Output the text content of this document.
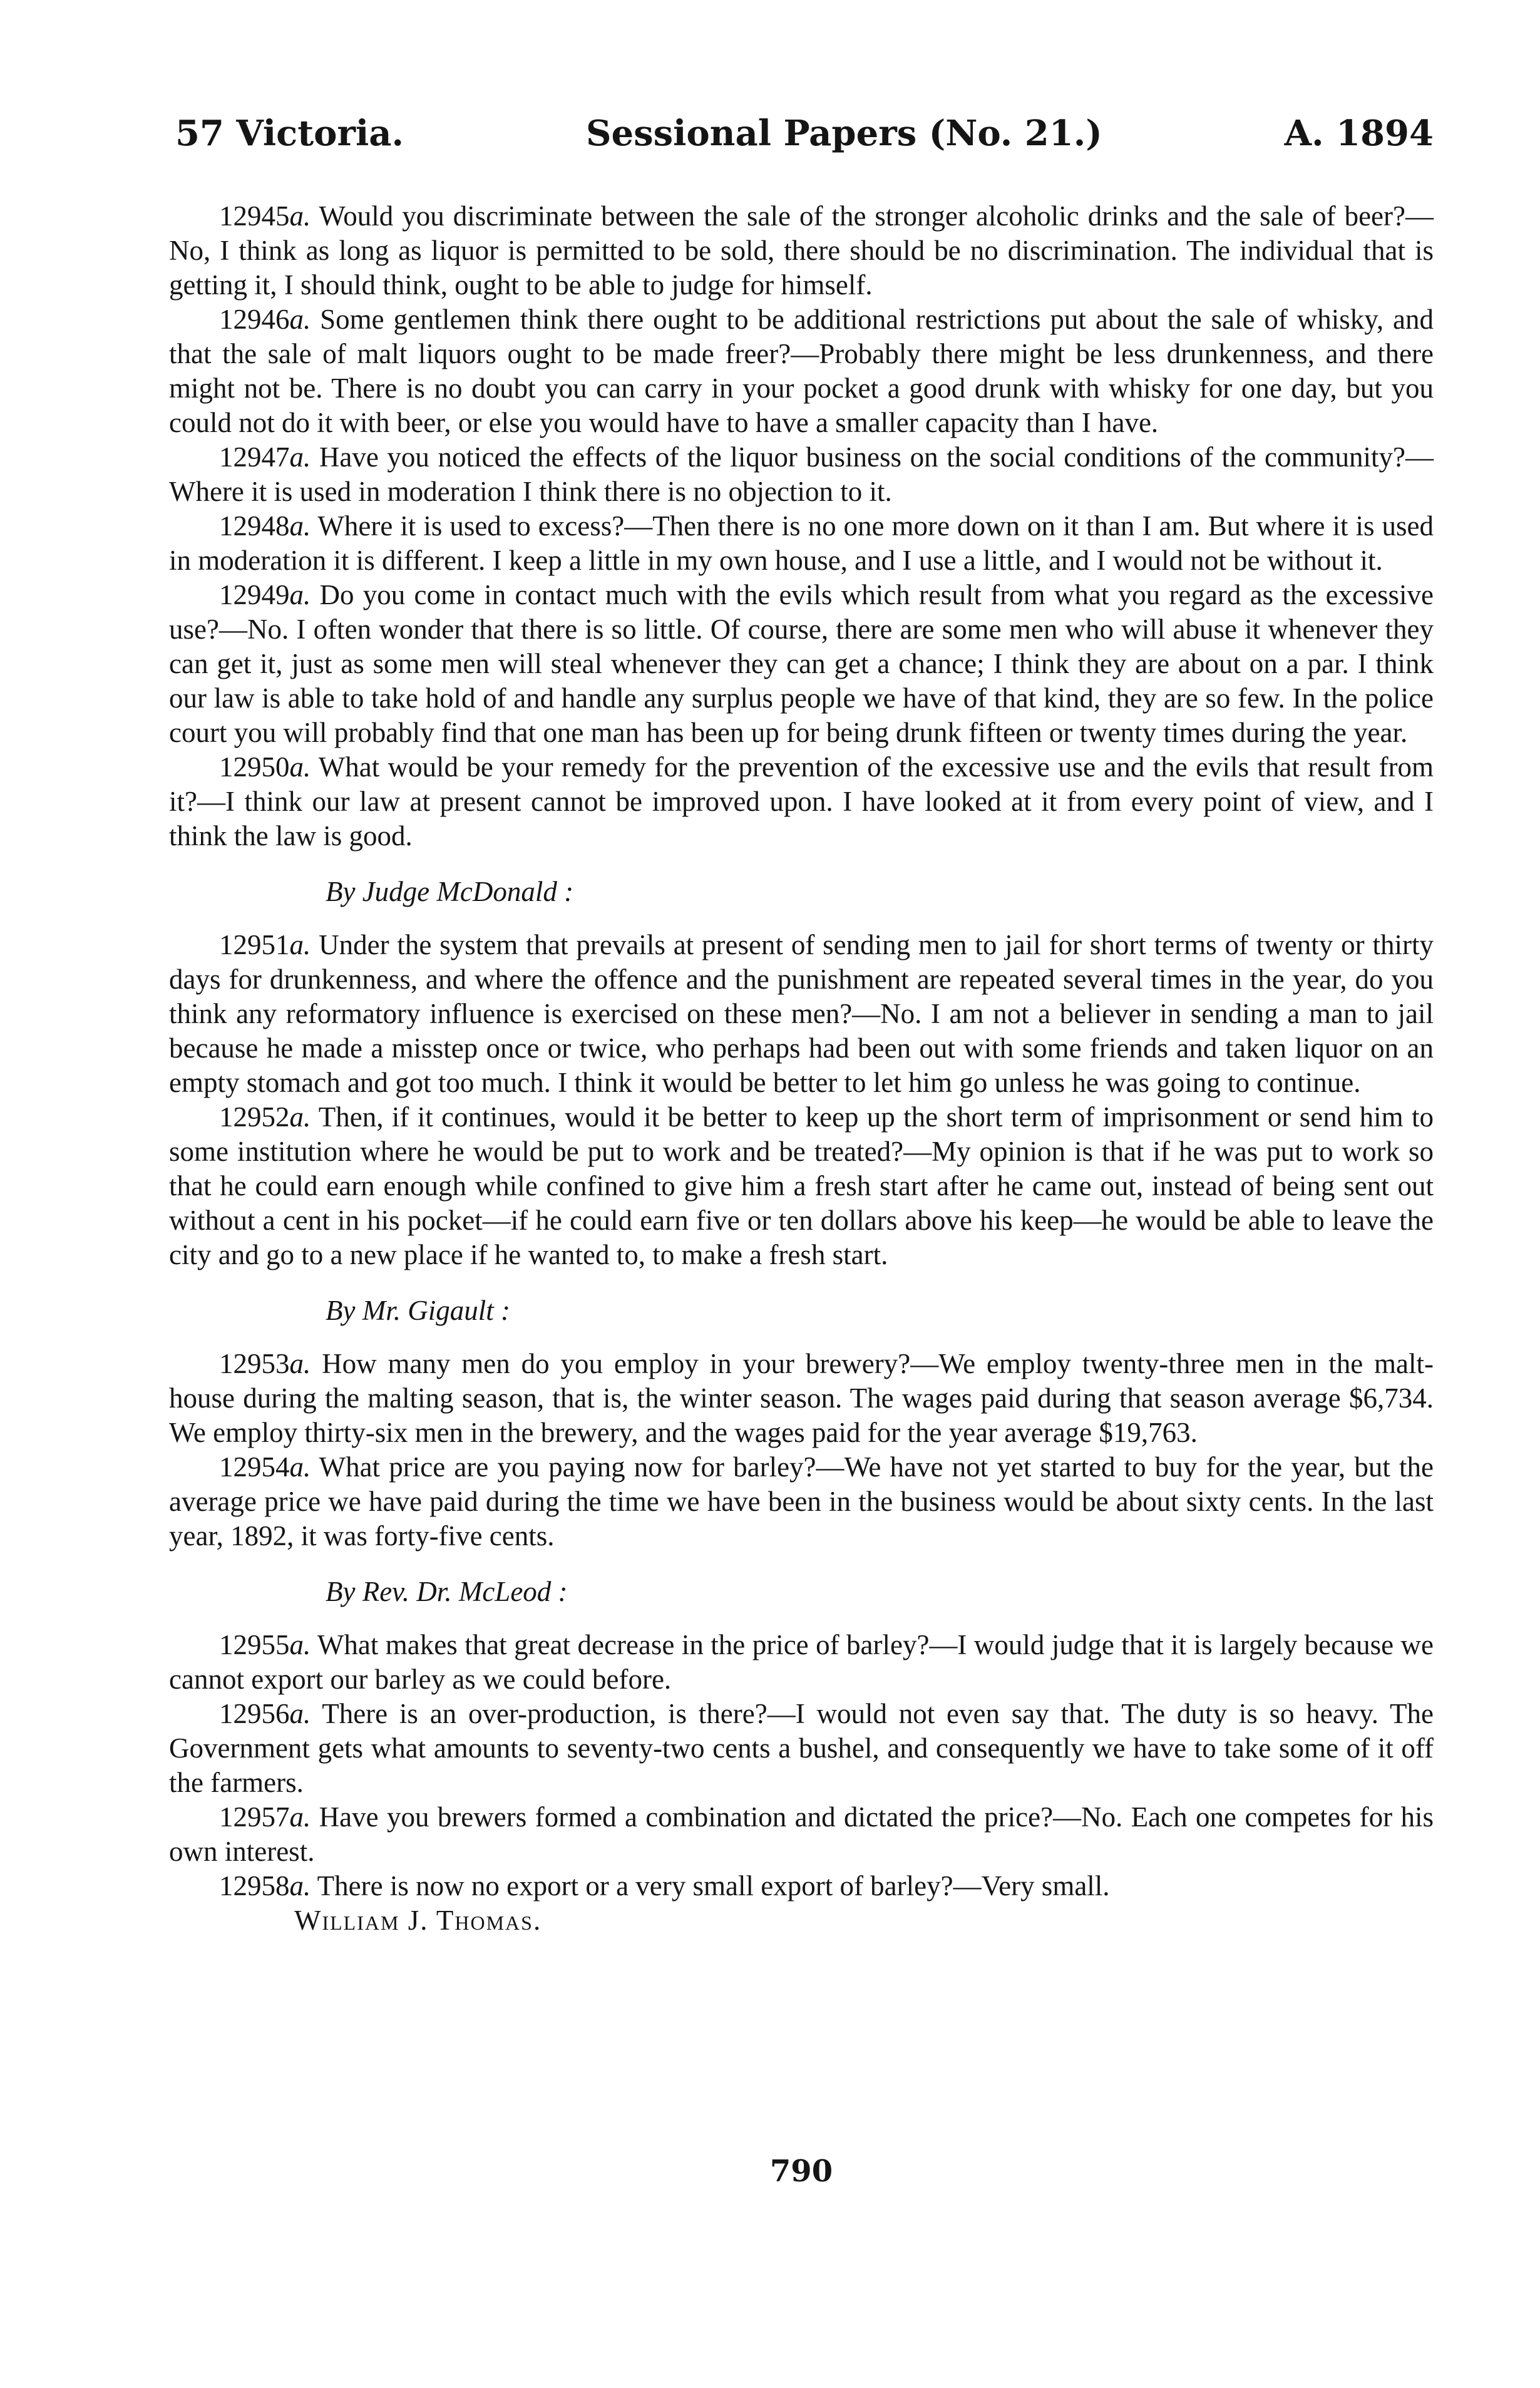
57 Victoria.	Sessional Papers (No. 21.)	A. 1894

12945a. Would you discriminate between the sale of the stronger alcoholic drinks and the sale of beer?—No, I think as long as liquor is permitted to be sold, there should be no discrimination. The individual that is getting it, I should think, ought to be able to judge for himself.

12946a. Some gentlemen think there ought to be additional restrictions put about the sale of whisky, and that the sale of malt liquors ought to be made freer?—Probably there might be less drunkenness, and there might not be. There is no doubt you can carry in your pocket a good drunk with whisky for one day, but you could not do it with beer, or else you would have to have a smaller capacity than I have.

12947a. Have you noticed the effects of the liquor business on the social conditions of the community?—Where it is used in moderation I think there is no objection to it.

12948a. Where it is used to excess?—Then there is no one more down on it than I am. But where it is used in moderation it is different. I keep a little in my own house, and I use a little, and I would not be without it.

12949a. Do you come in contact much with the evils which result from what you regard as the excessive use?—No. I often wonder that there is so little. Of course, there are some men who will abuse it whenever they can get it, just as some men will steal whenever they can get a chance; I think they are about on a par. I think our law is able to take hold of and handle any surplus people we have of that kind, they are so few. In the police court you will probably find that one man has been up for being drunk fifteen or twenty times during the year.

12950a. What would be your remedy for the prevention of the excessive use and the evils that result from it?—I think our law at present cannot be improved upon. I have looked at it from every point of view, and I think the law is good.

By Judge McDonald :

12951a. Under the system that prevails at present of sending men to jail for short terms of twenty or thirty days for drunkenness, and where the offence and the punishment are repeated several times in the year, do you think any reformatory influence is exercised on these men?—No. I am not a believer in sending a man to jail because he made a misstep once or twice, who perhaps had been out with some friends and taken liquor on an empty stomach and got too much. I think it would be better to let him go unless he was going to continue.

12952a. Then, if it continues, would it be better to keep up the short term of imprisonment or send him to some institution where he would be put to work and be treated?—My opinion is that if he was put to work so that he could earn enough while confined to give him a fresh start after he came out, instead of being sent out without a cent in his pocket—if he could earn five or ten dollars above his keep—he would be able to leave the city and go to a new place if he wanted to, to make a fresh start.

By Mr. Gigault :

12953a. How many men do you employ in your brewery?—We employ twenty-three men in the malt-house during the malting season, that is, the winter season. The wages paid during that season average $6,734. We employ thirty-six men in the brewery, and the wages paid for the year average $19,763.

12954a. What price are you paying now for barley?—We have not yet started to buy for the year, but the average price we have paid during the time we have been in the business would be about sixty cents. In the last year, 1892, it was forty-five cents.

By Rev. Dr. McLeod :

12955a. What makes that great decrease in the price of barley?—I would judge that it is largely because we cannot export our barley as we could before.

12956a. There is an over-production, is there?—I would not even say that. The duty is so heavy. The Government gets what amounts to seventy-two cents a bushel, and consequently we have to take some of it off the farmers.

12957a. Have you brewers formed a combination and dictated the price?—No. Each one competes for his own interest.

12958a. There is now no export or a very small export of barley?—Very small.

William J. Thomas.

790
